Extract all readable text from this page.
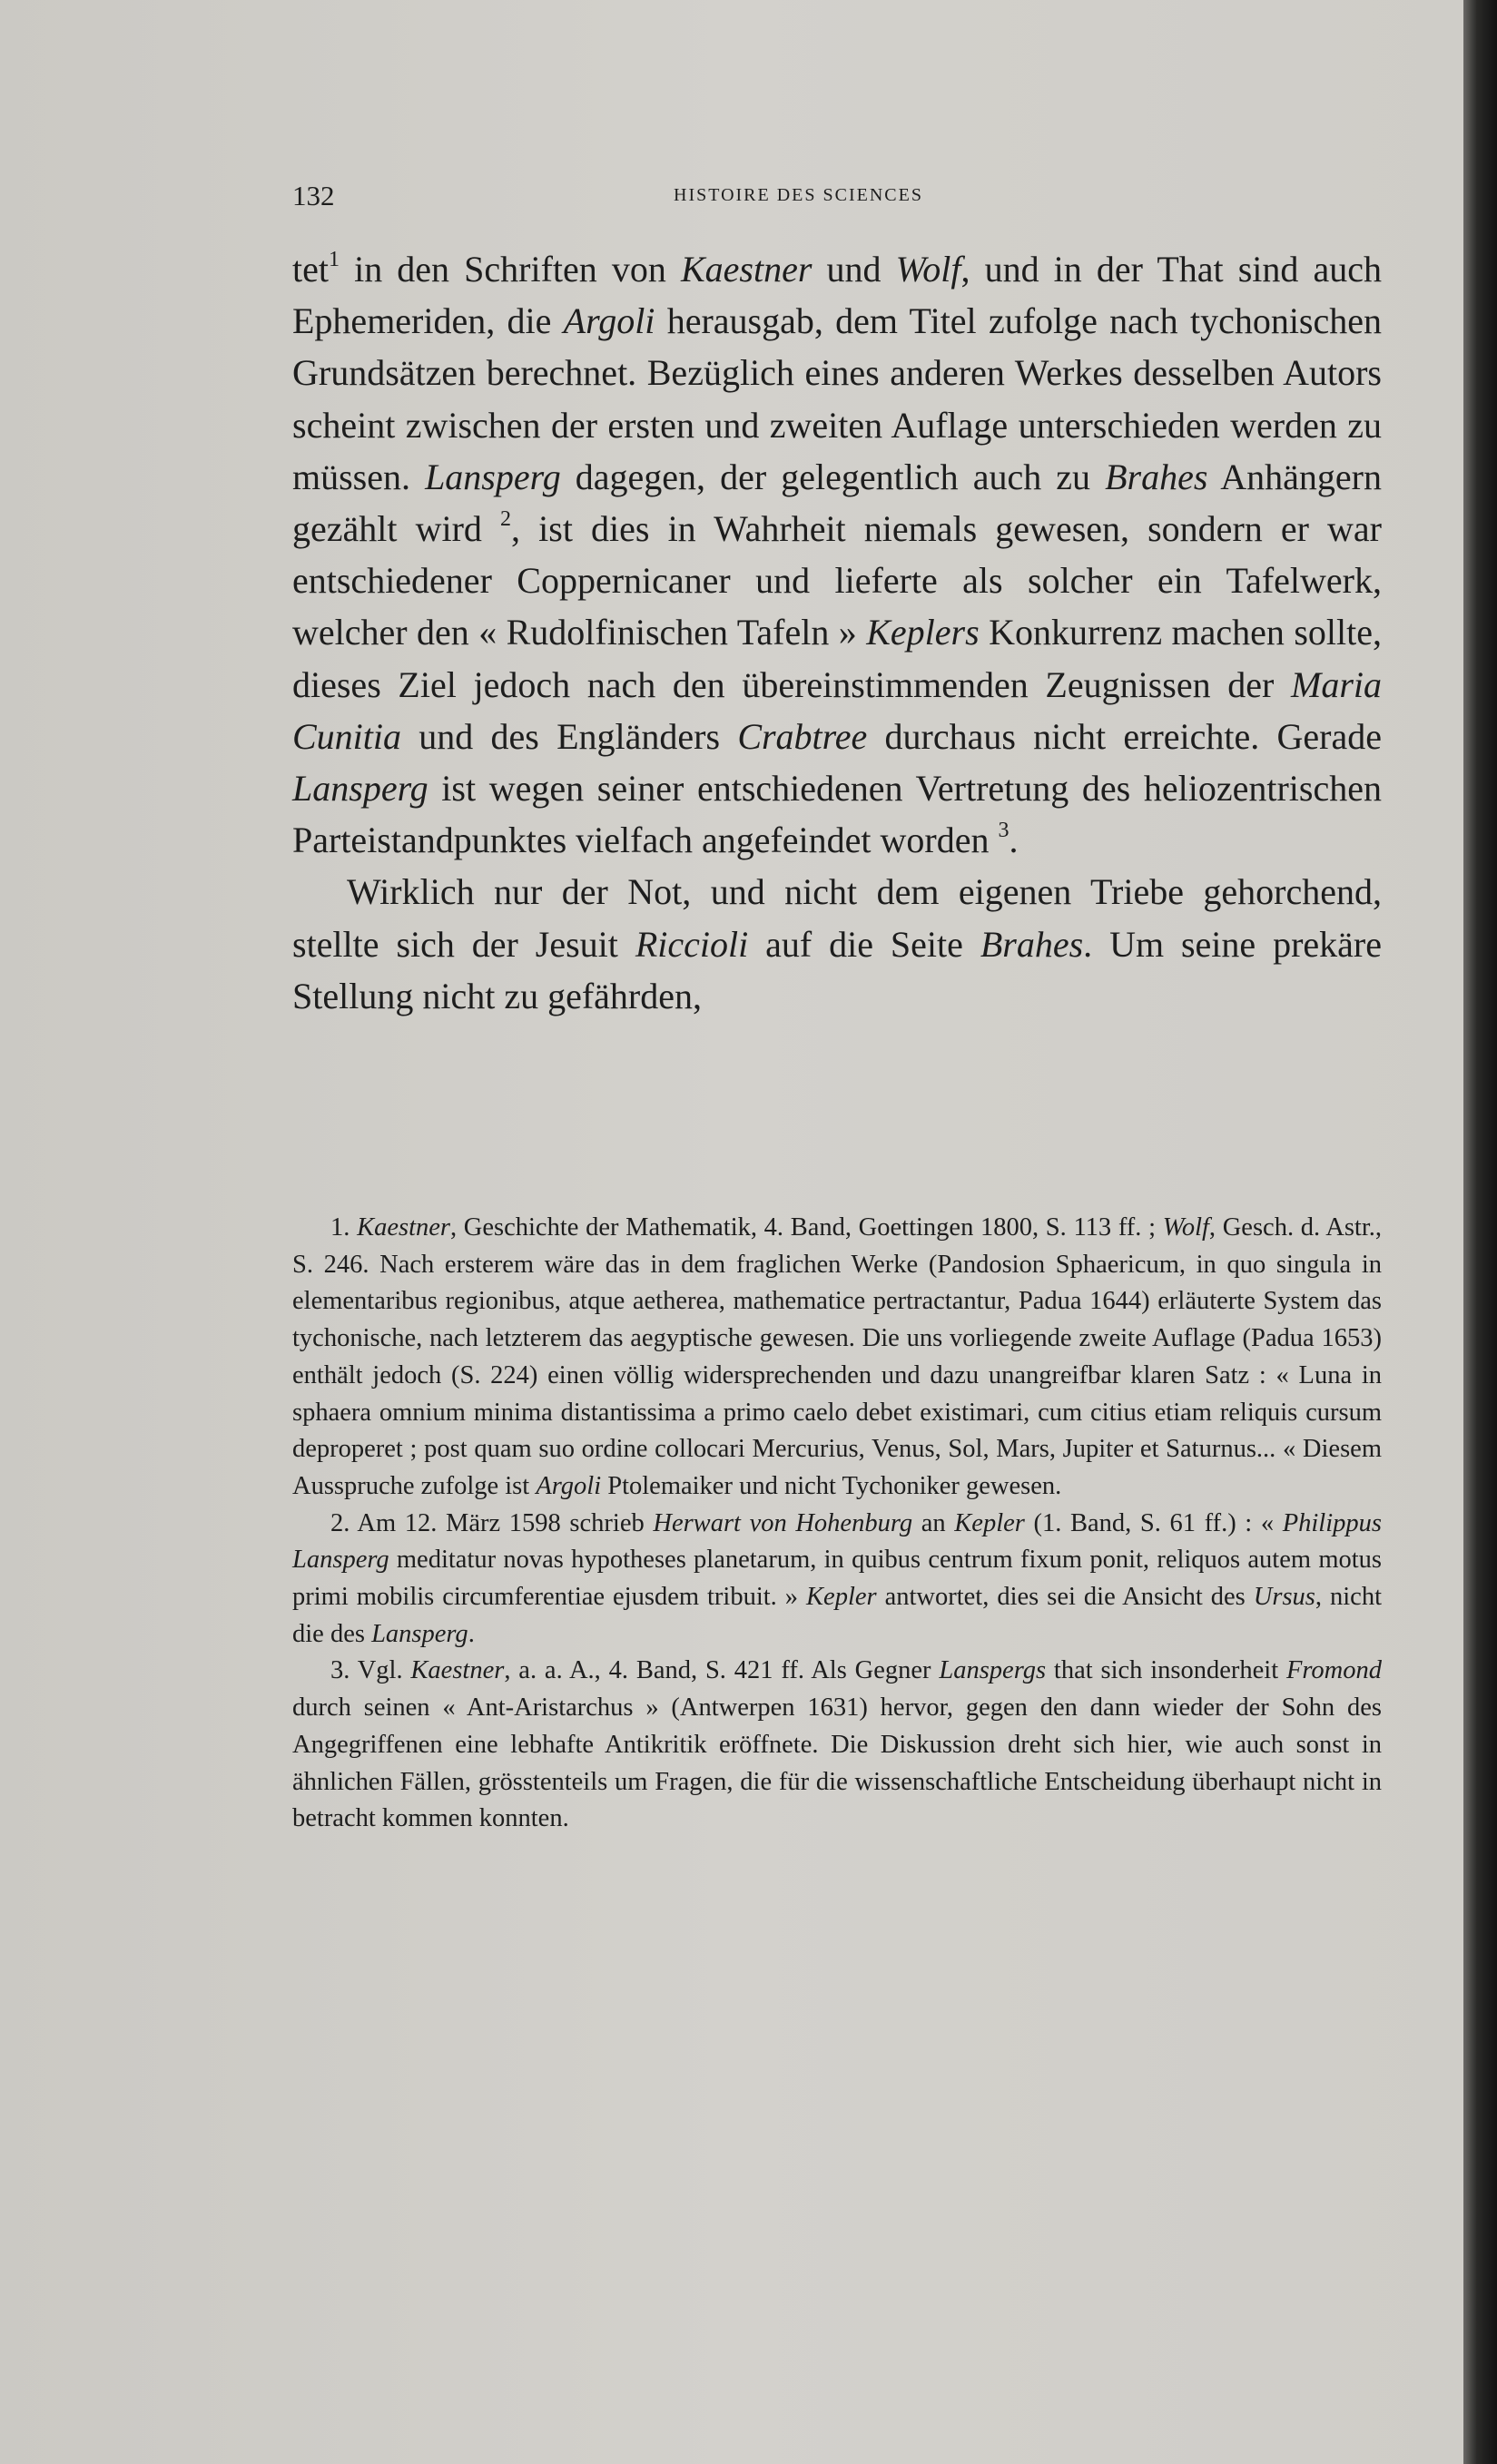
132	HISTOIRE DES SCIENCES

tet$^1$ in den Schriften von Kaestner und Wolf, und in der That sind auch Ephemeriden, die Argoli herausgab, dem Titel zufolge nach tychonischen Grundsätzen berechnet. Bezüglich eines anderen Werkes desselben Autors scheint zwischen der ersten und zweiten Auflage unterschieden werden zu müssen. Lansperg dagegen, der gelegentlich auch zu Brahes Anhängern gezählt wird $^2$, ist dies in Wahrheit niemals gewesen, sondern er war entschiedener Coppernicaner und lieferte als solcher ein Tafelwerk, welcher den « Rudolfinischen Tafeln » Keplers Konkurrenz machen sollte, dieses Ziel jedoch nach den übereinstimmenden Zeugnissen der Maria Cunitia und des Engländers Crabtree durchaus nicht erreichte. Gerade Lansperg ist wegen seiner entschiedenen Vertretung des heliozentrischen Parteistandpunktes vielfach angefeindet worden $^3$.

Wirklich nur der Not, und nicht dem eigenen Triebe gehorchend, stellte sich der Jesuit Riccioli auf die Seite Brahes. Um seine prekäre Stellung nicht zu gefährden,

1. Kaestner, Geschichte der Mathematik, 4. Band, Goettingen 1800, S. 113 ff. ; Wolf, Gesch. d. Astr., S. 246. Nach ersterem wäre das in dem fraglichen Werke (Pandosion Sphaericum, in quo singula in elementaribus regionibus, atque aetherea, mathematice pertractantur, Padua 1644) erläuterte System das tychonische, nach letzterem das aegyptische gewesen. Die uns vorliegende zweite Auflage (Padua 1653) enthält jedoch (S. 224) einen völlig widersprechenden und dazu unangreifbar klaren Satz : « Luna in sphaera omnium minima distantissima a primo caelo debet existimari, cum citius etiam reliquis cursum deproperet ; post quam suo ordine collocari Mercurius, Venus, Sol, Mars, Jupiter et Saturnus... « Diesem Ausspruche zufolge ist Argoli Ptolemaiker und nicht Tychoniker gewesen.

2. Am 12. März 1598 schrieb Herwart von Hohenburg an Kepler (1. Band, S. 61 ff.) : « Philippus Lansperg meditatur novas hypotheses planetarum, in quibus centrum fixum ponit, reliquos autem motus primi mobilis circumferentiae ejusdem tribuit. » Kepler antwortet, dies sei die Ansicht des Ursus, nicht die des Lansperg.

3. Vgl. Kaestner, a. a. A., 4. Band, S. 421 ff. Als Gegner Lanspergs that sich insonderheit Fromond durch seinen « Ant-Aristarchus » (Antwerpen 1631) hervor, gegen den dann wieder der Sohn des Angegriffenen eine lebhafte Antikritik eröffnete. Die Diskussion dreht sich hier, wie auch sonst in ähnlichen Fällen, grösstenteils um Fragen, die für die wissenschaftliche Entscheidung überhaupt nicht in betracht kommen konnten.
